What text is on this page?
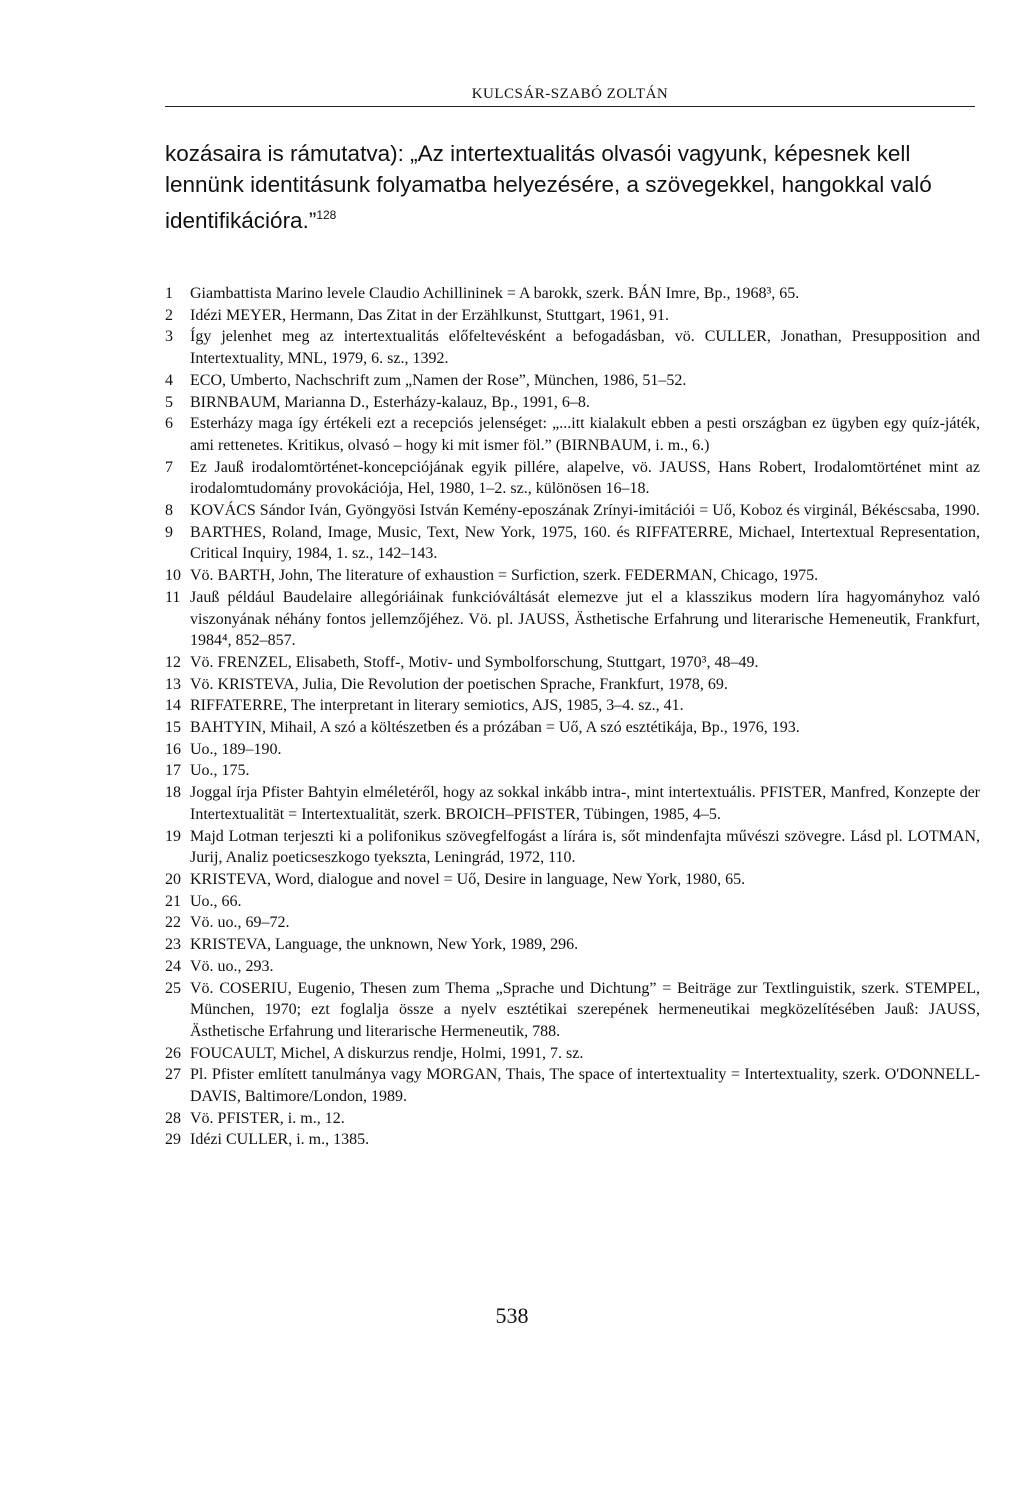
KULCSÁR-SZABÓ ZOLTÁN
kozásaira is rámutatva): „Az intertextualitás olvasói vagyunk, képesnek kell lennünk identitásunk folyamatba helyezésére, a szövegekkel, hangokkal való identifikációra.”$^{128}$
1	Giambattista Marino levele Claudio Achillininek = A barokk, szerk. BÁN Imre, Bp., 1968³, 65.
2	Idézi MEYER, Hermann, Das Zitat in der Erzählkunst, Stuttgart, 1961, 91.
3	Így jelenhet meg az intertextualitás előfeltevésként a befogadásban, vö. CULLER, Jonathan, Presupposition and Intertextuality, MNL, 1979, 6. sz., 1392.
4	ECO, Umberto, Nachschrift zum „Namen der Rose”, München, 1986, 51–52.
5	BIRNBAUM, Marianna D., Esterházy-kalauz, Bp., 1991, 6–8.
6	Esterházy maga így értékeli ezt a recepciós jelenséget: „...itt kialakult ebben a pesti országban ez ügyben egy quíz-játék, ami rettenetes. Kritikus, olvasó – hogy ki mit ismer föl.” (BIRNBAUM, i. m., 6.)
7	Ez Jauß irodalomtörténet-koncepciójának egyik pillére, alapelve, vö. JAUSS, Hans Robert, Irodalomtörténet mint az irodalomtudomány provokációja, Hel, 1980, 1–2. sz., különösen 16–18.
8	KOVÁCS Sándor Iván, Gyöngyösi István Kemény-eposzának Zrínyi-imitációi = Uő, Koboz és virginál, Békéscsaba, 1990.
9	BARTHES, Roland, Image, Music, Text, New York, 1975, 160. és RIFFATERRE, Michael, Intertextual Representation, Critical Inquiry, 1984, 1. sz., 142–143.
10 Vö. BARTH, John, The literature of exhaustion = Surfiction, szerk. FEDERMAN, Chicago, 1975.
11 Jauß például Baudelaire allegóriáinak funkcióváltását elemezve jut el a klasszikus modern líra hagyományhoz való viszonyának néhány fontos jellemzőjéhez. Vö. pl. JAUSS, Ästhetische Erfahrung und literarische Hemeneutik, Frankfurt, 1984⁴, 852–857.
12 Vö. FRENZEL, Elisabeth, Stoff-, Motiv- und Symbolforschung, Stuttgart, 1970³, 48–49.
13 Vö. KRISTEVA, Julia, Die Revolution der poetischen Sprache, Frankfurt, 1978, 69.
14 RIFFATERRE, The interpretant in literary semiotics, AJS, 1985, 3–4. sz., 41.
15 BAHTYIN, Mihail, A szó a költészetben és a prózában = Uő, A szó esztétikája, Bp., 1976, 193.
16 Uo., 189–190.
17 Uo., 175.
18 Joggal írja Pfister Bahtyin elméletéről, hogy az sokkal inkább intra-, mint intertextuális. PFISTER, Manfred, Konzepte der Intertextualität = Intertextualität, szerk. BROICH–PFISTER, Tübingen, 1985, 4–5.
19 Majd Lotman terjeszti ki a polifonikus szövegfelfogást a lírára is, sőt mindenfajta művészi szövegre. Lásd pl. LOTMAN, Jurij, Analiz poeticseszkogo tyekszta, Leningrád, 1972, 110.
20 KRISTEVA, Word, dialogue and novel = Uő, Desire in language, New York, 1980, 65.
21 Uo., 66.
22 Vö. uo., 69–72.
23 KRISTEVA, Language, the unknown, New York, 1989, 296.
24 Vö. uo., 293.
25 Vö. COSERIU, Eugenio, Thesen zum Thema „Sprache und Dichtung” = Beiträge zur Textlinguistik, szerk. STEMPEL, München, 1970; ezt foglalja össze a nyelv esztétikai szerepének hermeneutikai megközelítésében Jauß: JAUSS, Ästhetische Erfahrung und literarische Hermeneutik, 788.
26 FOUCAULT, Michel, A diskurzus rendje, Holmi, 1991, 7. sz.
27 Pl. Pfister említett tanulmánya vagy MORGAN, Thais, The space of intertextuality = Intertextuality, szerk. O'DONNELL-DAVIS, Baltimore/London, 1989.
28 Vö. PFISTER, i. m., 12.
29 Idézi CULLER, i. m., 1385.
538
